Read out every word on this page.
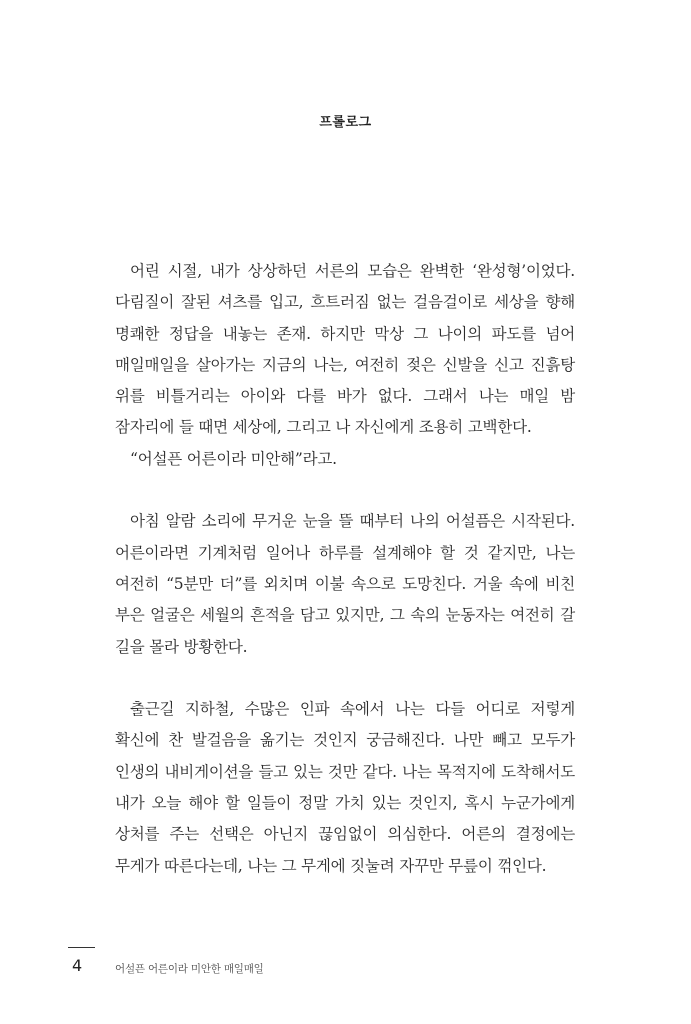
프롤로그

어린 시절, 내가 상상하던 서른의 모습은 완벽한 ‘완성형’이었다. 다림질이 잘된 셔츠를 입고, 흐트러짐 없는 걸음걸이로 세상을 향해 명쾌한 정답을 내놓는 존재. 하지만 막상 그 나이의 파도를 넘어 매일매일을 살아가는 지금의 나는, 여전히 젖은 신발을 신고 진흙탕 위를 비틀거리는 아이와 다를 바가 없다. 그래서 나는 매일 밤 잠자리에 들 때면 세상에, 그리고 나 자신에게 조용히 고백한다.

“어설픈 어른이라 미안해”라고.

아침 알람 소리에 무거운 눈을 뜰 때부터 나의 어설픔은 시작된다. 어른이라면 기계처럼 일어나 하루를 설계해야 할 것 같지만, 나는 여전히 “5분만 더”를 외치며 이불 속으로 도망친다. 거울 속에 비친 부은 얼굴은 세월의 흔적을 담고 있지만, 그 속의 눈동자는 여전히 갈 길을 몰라 방황한다.

출근길 지하철, 수많은 인파 속에서 나는 다들 어디로 저렇게 확신에 찬 발걸음을 옮기는 것인지 궁금해진다. 나만 빼고 모두가 인생의 내비게이션을 들고 있는 것만 같다. 나는 목적지에 도착해서도 내가 오늘 해야 할 일들이 정말 가치 있는 것인지, 혹시 누군가에게 상처를 주는 선택은 아닌지 끊임없이 의심한다. 어른의 결정에는 무게가 따른다는데, 나는 그 무게에 짓눌려 자꾸만 무릎이 꺾인다.

4	어설픈 어른이라 미안한 매일매일
